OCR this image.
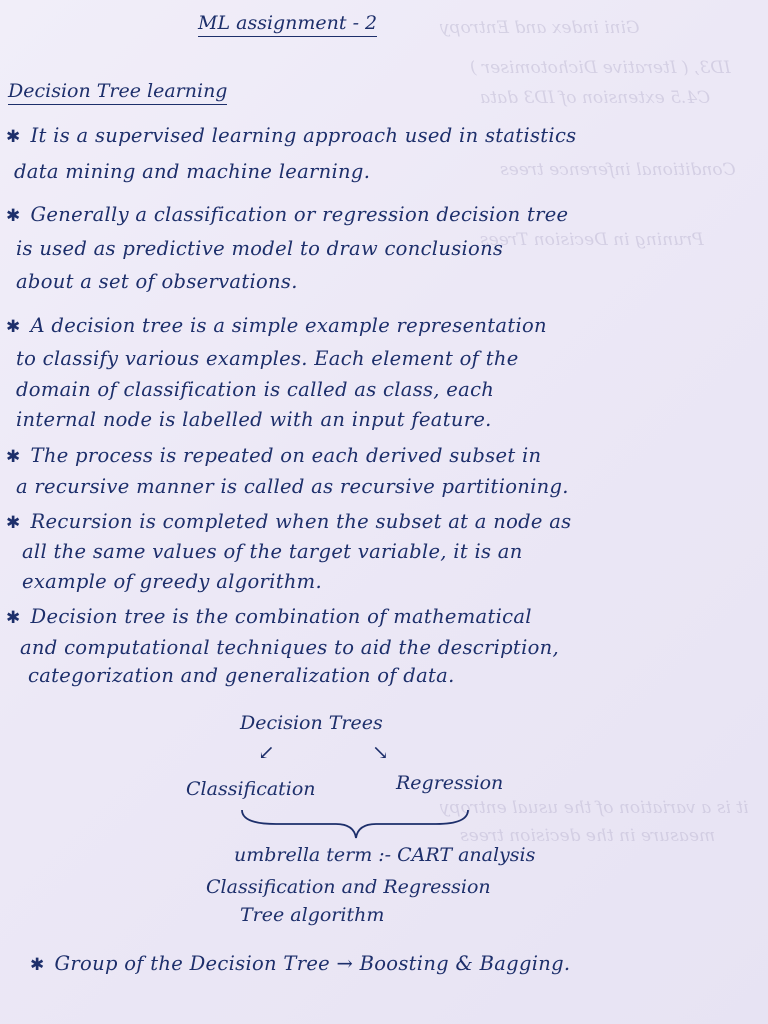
Gini index and Entropy
ID3, ( Iterative Dichotomiser )
C4.5 extension of ID3 data
Conditional inference trees
Pruning in Decision Trees
it is a variation of the usual entropy
measure in the decision trees
ML assignment - 2
Decision Tree learning
✱ It is a supervised learning approach used in statistics
data mining and machine learning.
✱ Generally a classification or regression decision tree
is used as predictive model to draw conclusions
about a set of observations.
✱ A decision tree is a simple example representation
to classify various examples. Each element of the
domain of classification is called as class, each
internal node is labelled with an input feature.
✱ The process is repeated on each derived subset in
a recursive manner is called as recursive partitioning.
✱ Recursion is completed when the subset at a node as
all the same values of the target variable, it is an
example of greedy algorithm.
✱ Decision tree is the combination of mathematical
and computational techniques to aid the description,
categorization and generalization of data.
Decision Trees
↙	↘
Classification	Regression
umbrella term :- CART analysis
Classification and Regression
Tree algorithm
✱ Group of the Decision Tree → Boosting & Bagging.
